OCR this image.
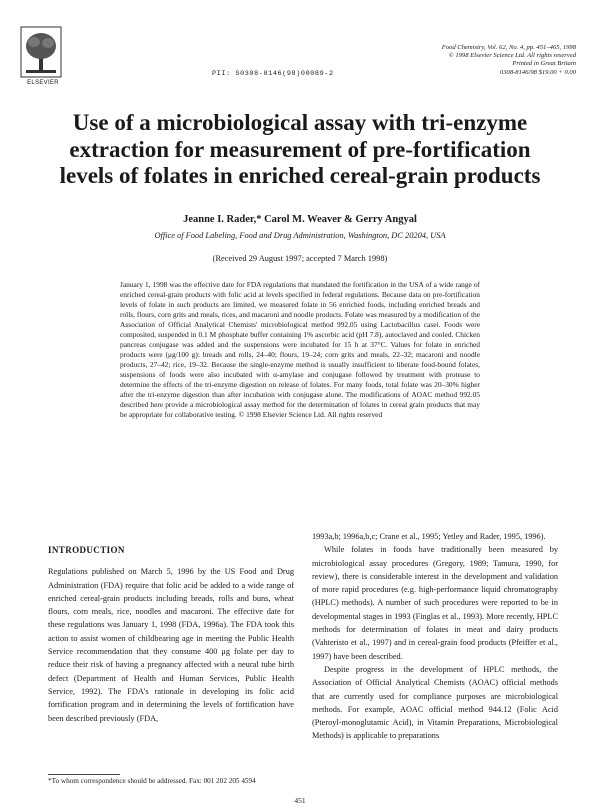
ELSEVIER
Food Chemistry, Vol. 62, No. 4, pp. 451–465, 1998
© 1998 Elsevier Science Ltd. All rights reserved
Printed in Great Britain
0308-8146/98 $19.00 + 0.00
PII: S0308-8146(98)00089-2
Use of a microbiological assay with tri-enzyme extraction for measurement of pre-fortification levels of folates in enriched cereal-grain products
Jeanne I. Rader,* Carol M. Weaver & Gerry Angyal
Office of Food Labeling, Food and Drug Administration, Washington, DC 20204, USA
(Received 29 August 1997; accepted 7 March 1998)
January 1, 1998 was the effective date for FDA regulations that mandated the fortification in the USA of a wide range of enriched cereal-grain products with folic acid at levels specified in federal regulations. Because data on pre-fortification levels of folate in such products are limited, we measured folate in 56 enriched foods, including enriched breads and rolls, flours, corn grits and meals, rices, and macaroni and noodle products. Folate was measured by a modification of the Association of Official Analytical Chemists' microbiological method 992.05 using Lactobacillus casei. Foods were composited, suspended in 0.1 M phosphate buffer containing 1% ascorbic acid (pH 7.8), autoclaved and cooled. Chicken pancreas conjugase was added and the suspensions were incubated for 15 h at 37°C. Values for folate in enriched products were (μg/100 g): breads and rolls, 24–40; flours, 19–24; corn grits and meals, 22–32; macaroni and noodle products, 27–42; rice, 19–32. Because the single-enzyme method is usually insufficient to liberate food-bound folates, suspensions of foods were also incubated with α-amylase and conjugase followed by treatment with protease to determine the effects of the tri-enzyme digestion on release of folates. For many foods, total folate was 20–30% higher after the tri-enzyme digestion than after incubation with conjugase alone. The modifications of AOAC method 992.05 described here provide a microbiological assay method for the determination of folates in cereal grain products that may be appropriate for collaborative testing. © 1998 Elsevier Science Ltd. All rights reserved
INTRODUCTION

Regulations published on March 5, 1996 by the US Food and Drug Administration (FDA) require that folic acid be added to a wide range of enriched cereal-grain products including breads, rolls and buns, wheat flours, corn meals, rice, noodles and macaroni. The effective date for these regulations was January 1, 1998 (FDA, 1996a). The FDA took this action to assist women of childbearing age in meeting the Public Health Service recommendation that they consume 400 μg folate per day to reduce their risk of having a pregnancy affected with a neural tube birth defect (Department of Health and Human Services, Public Health Service, 1992). The FDA's rationale in developing its folic acid fortification program and in determining the levels of fortification have been described previously (FDA,

1993a,b; 1996a,b,c; Crane et al., 1995; Yetley and Rader, 1995, 1996).

While folates in foods have traditionally been measured by microbiological assay procedures (Gregory, 1989; Tamura, 1990, for review), there is considerable interest in the development and validation of more rapid procedures (e.g. high-performance liquid chromatography (HPLC) methods). A number of such procedures were reported to be in developmental stages in 1993 (Finglas et al., 1993). More recently, HPLC methods for determination of folates in meat and dairy products (Vahteristo et al., 1997) and in cereal-grain food products (Pfeiffer et al., 1997) have been described.

Despite progress in the development of HPLC methods, the Association of Official Analytical Chemists (AOAC) official methods that are currently used for compliance purposes are microbiological methods. For example, AOAC official method 944.12 (Folic Acid (Pteroyl-monoglutamic Acid), in Vitamin Preparations, Microbiological Methods) is applicable to preparations

*To whom correspondence should be addressed. Fax: 001 202 205 4594
451
